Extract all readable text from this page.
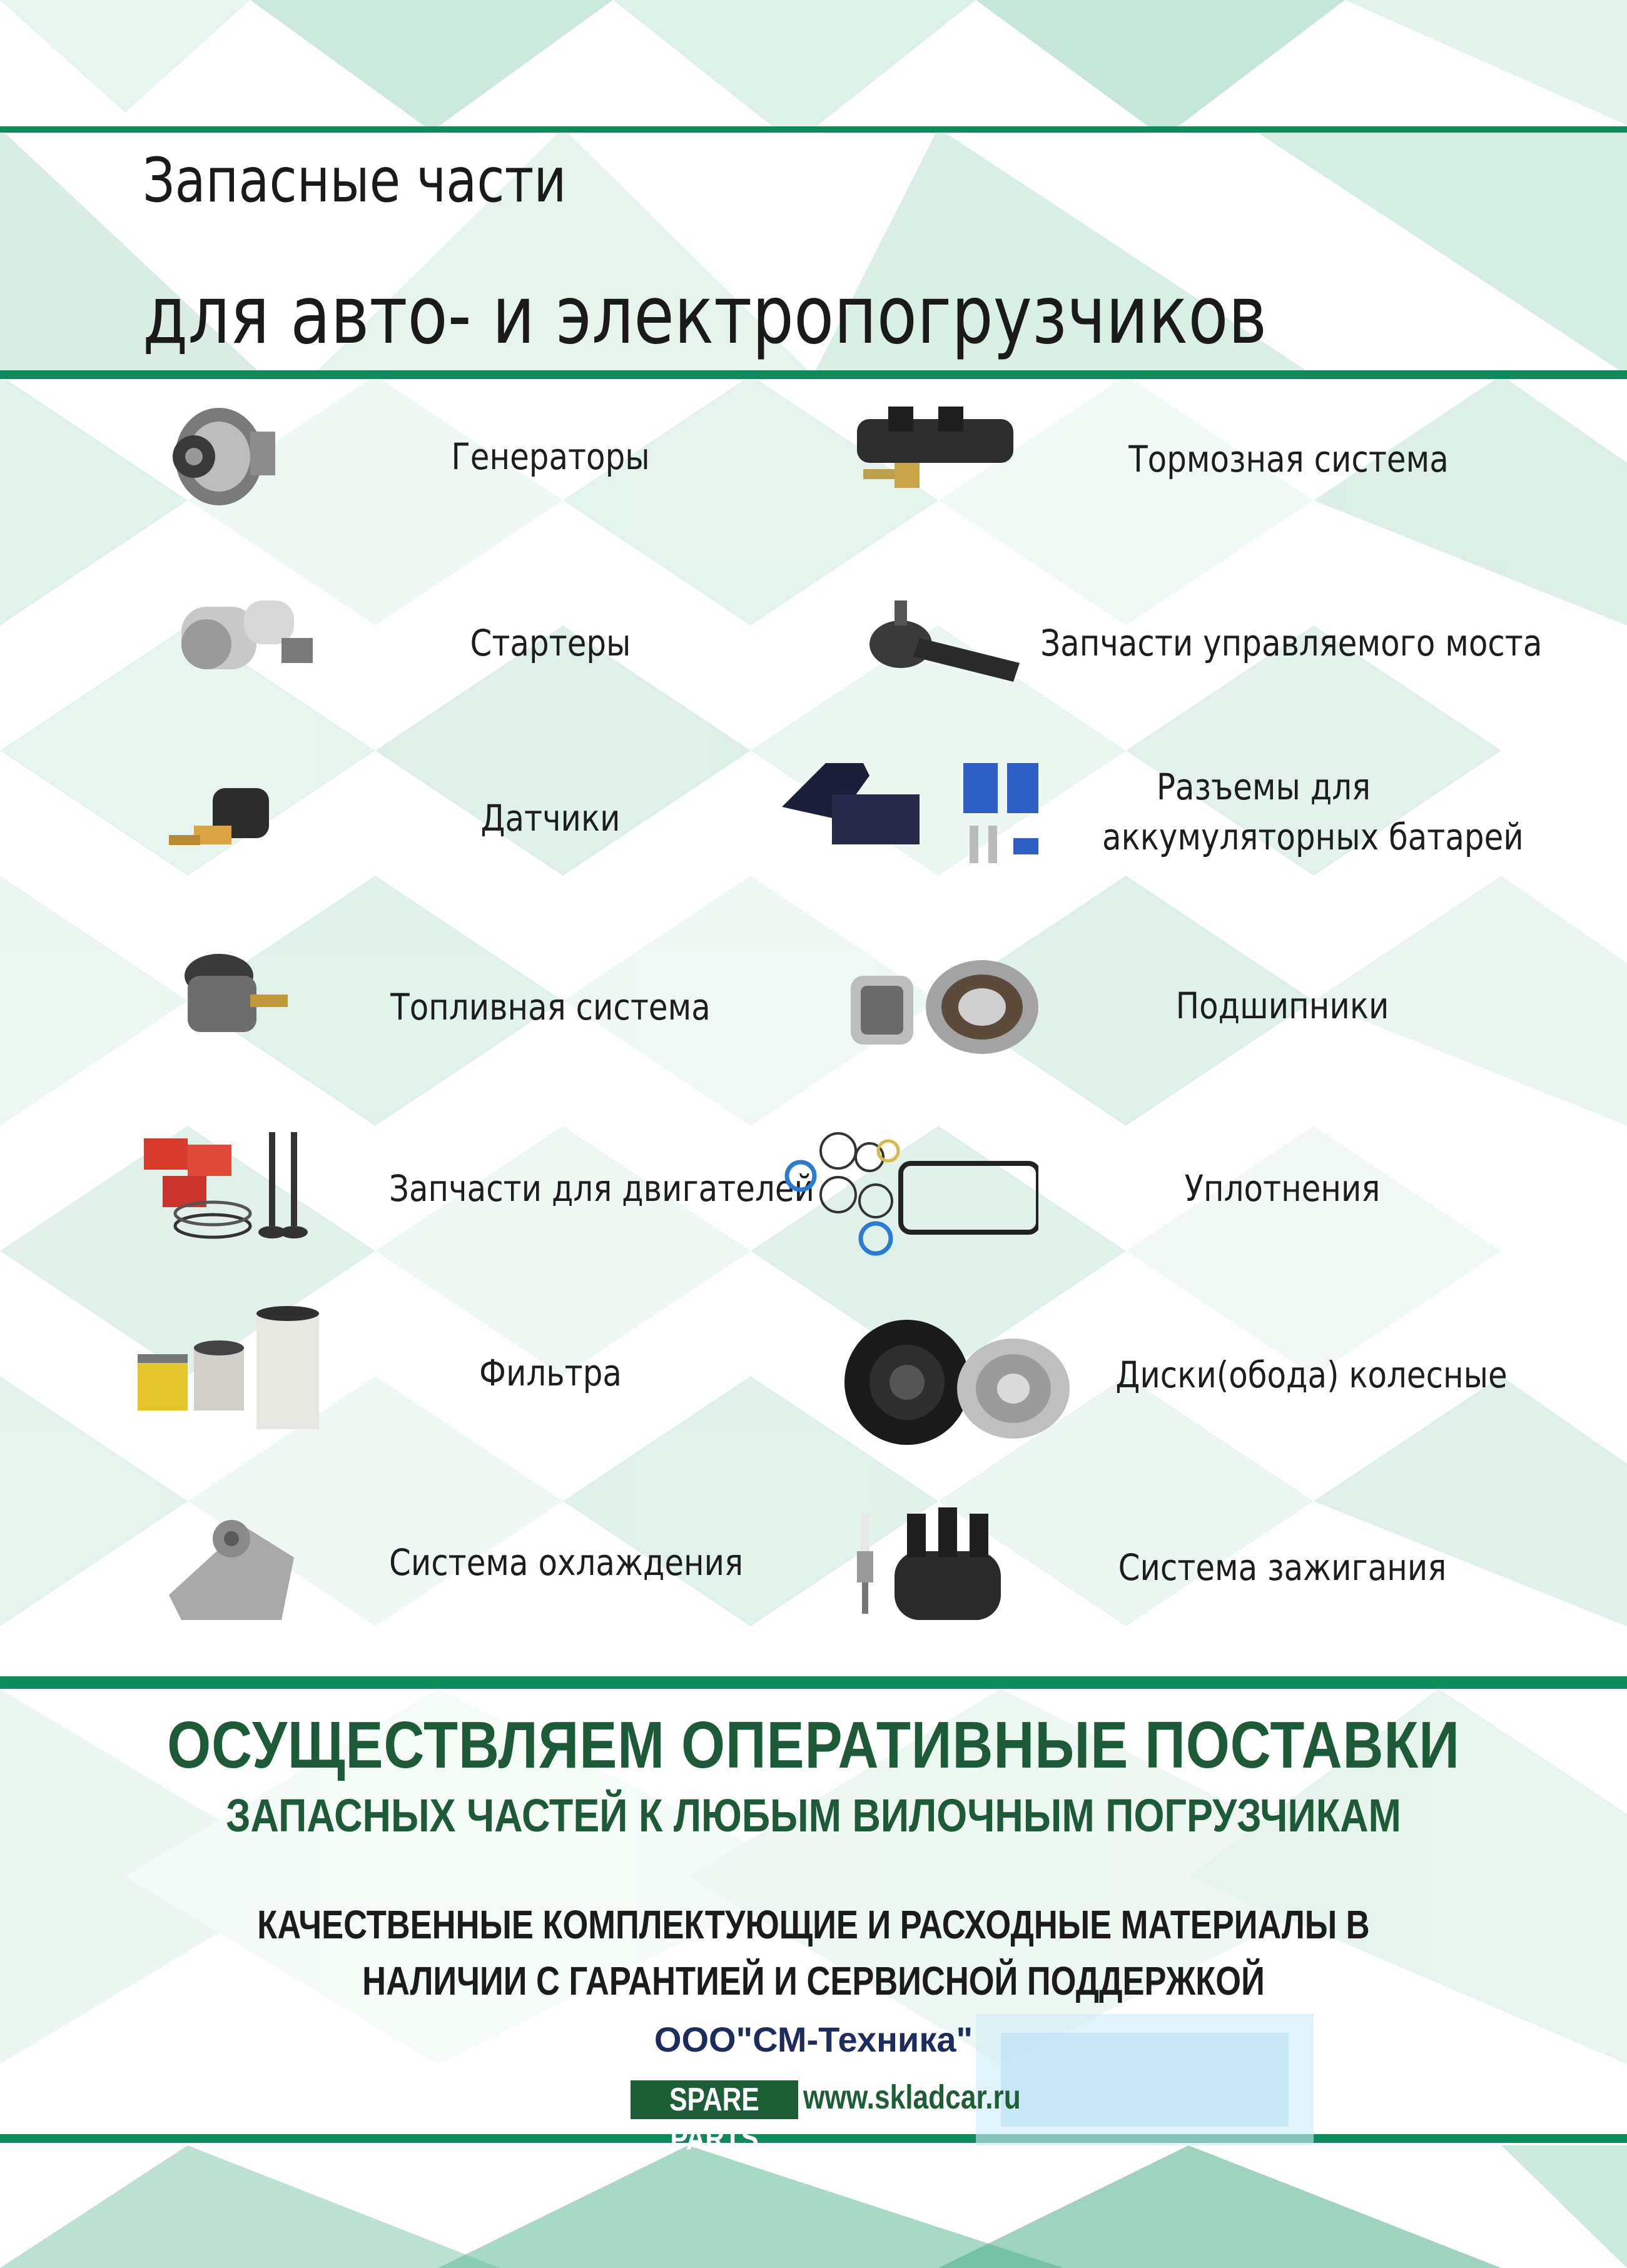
Запасные части
для авто- и электропогрузчиков
Генераторы
Стартеры
Датчики
Топливная система
Запчасти для двигателей
Фильтра
Система охлаждения
Тормозная система
Запчасти управляемого моста
Разъемы для
аккумуляторных батарей
Подшипники
Уплотнения
Диски(обода) колесные
Система зажигания
ОСУЩЕСТВЛЯЕМ ОПЕРАТИВНЫЕ ПОСТАВКИ
ЗАПАСНЫХ ЧАСТЕЙ К ЛЮБЫМ ВИЛОЧНЫМ ПОГРУЗЧИКАМ
КАЧЕСТВЕННЫЕ КОМПЛЕКТУЮЩИЕ И РАСХОДНЫЕ МАТЕРИАЛЫ В
НАЛИЧИИ С ГАРАНТИЕЙ И СЕРВИСНОЙ ПОДДЕРЖКОЙ
ООО"СМ-Техника"
SPARE PARTS
www.skladcar.ru
